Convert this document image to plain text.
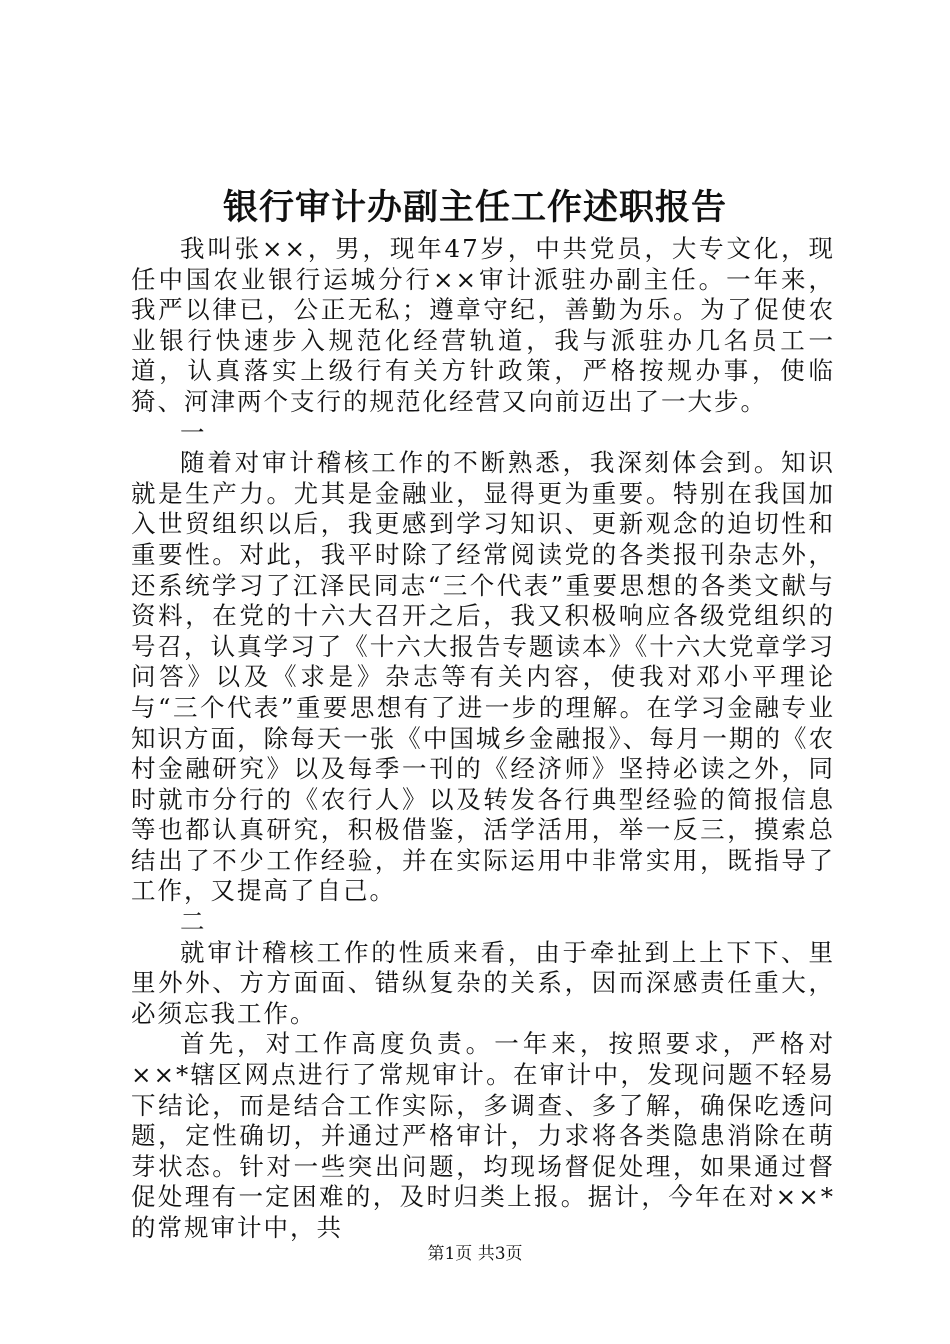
银行审计办副主任工作述职报告

我叫张××，男，现年47岁，中共党员，大专文化，现任中国农业银行运城分行××审计派驻办副主任。一年来，我严以律已，公正无私；遵章守纪，善勤为乐。为了促使农业银行快速步入规范化经营轨道，我与派驻办几名员工一道，认真落实上级行有关方针政策，严格按规办事，使临猗、河津两个支行的规范化经营又向前迈出了一大步。

一

随着对审计稽核工作的不断熟悉，我深刻体会到。知识就是生产力。尤其是金融业，显得更为重要。特别在我国加入世贸组织以后，我更感到学习知识、更新观念的迫切性和重要性。对此，我平时除了经常阅读党的各类报刊杂志外，还系统学习了江泽民同志“三个代表”重要思想的各类文献与资料，在党的十六大召开之后，我又积极响应各级党组织的号召，认真学习了《十六大报告专题读本》《十六大党章学习问答》以及《求是》杂志等有关内容，使我对邓小平理论与“三个代表”重要思想有了进一步的理解。在学习金融专业知识方面，除每天一张《中国城乡金融报》、每月一期的《农村金融研究》以及每季一刊的《经济师》坚持必读之外，同时就市分行的《农行人》以及转发各行典型经验的简报信息等也都认真研究，积极借鉴，活学活用，举一反三，摸索总结出了不少工作经验，并在实际运用中非常实用，既指导了工作，又提高了自己。

二

就审计稽核工作的性质来看，由于牵扯到上上下下、里里外外、方方面面、错纵复杂的关系，因而深感责任重大，必须忘我工作。

首先，对工作高度负责。一年来，按照要求，严格对××*辖区网点进行了常规审计。在审计中，发现问题不轻易下结论，而是结合工作实际，多调查、多了解，确保吃透问题，定性确切，并通过严格审计，力求将各类隐患消除在萌芽状态。针对一些突出问题，均现场督促处理，如果通过督促处理有一定困难的，及时归类上报。据计，今年在对××*的常规审计中，共

第1页 共3页
